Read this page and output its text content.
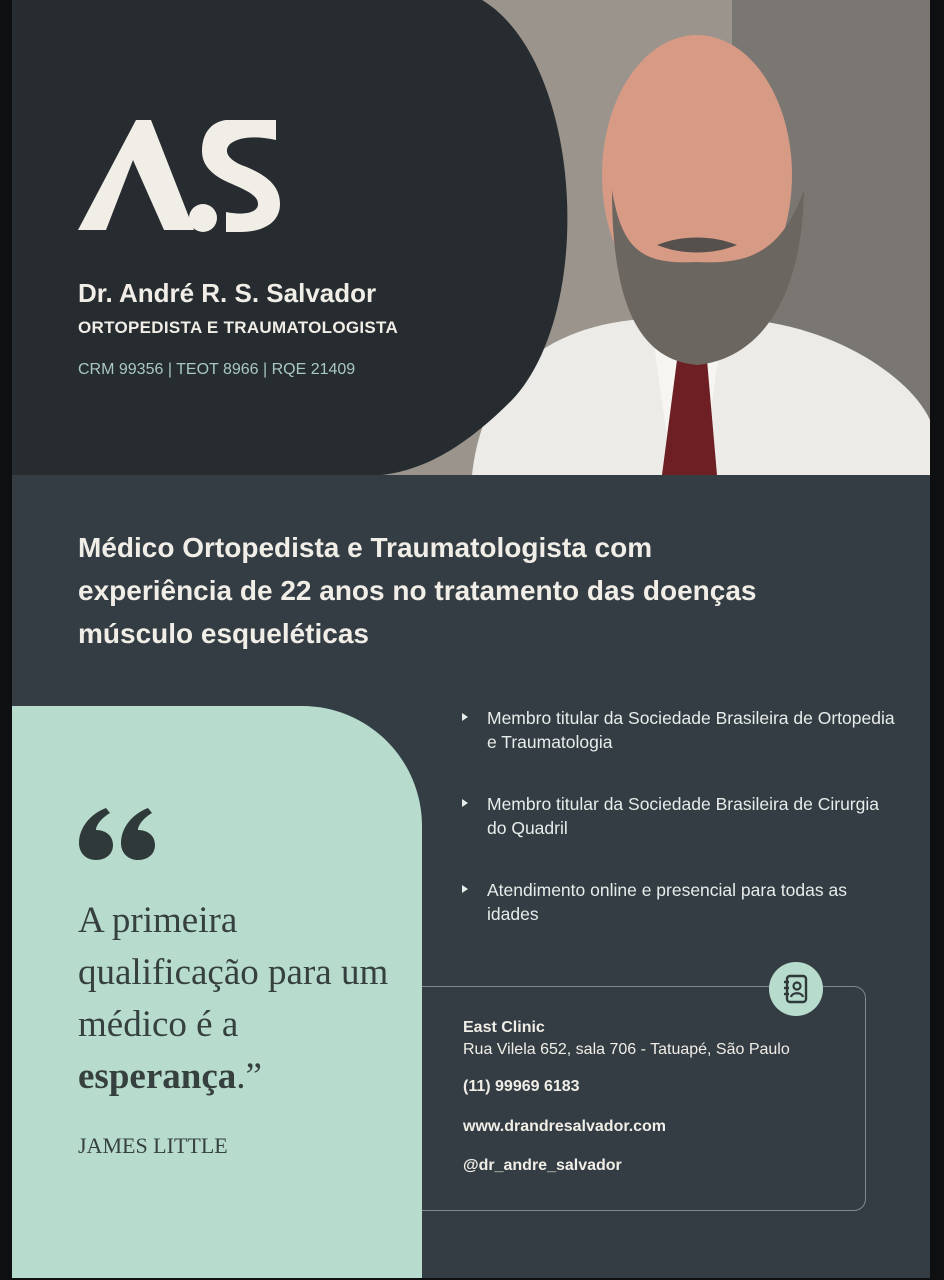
Dr. André R. S. Salvador
ORTOPEDISTA E TRAUMATOLOGISTA
CRM 99356 | TEOT 8966 | RQE 21409
Médico Ortopedista e Traumatologista com experiência de 22 anos no tratamento das doenças músculo esqueléticas
A primeira qualificação para um médico é a esperança.”
JAMES LITTLE
Membro titular da Sociedade Brasileira de Ortopedia e Traumatologia
Membro titular da Sociedade Brasileira de Cirurgia do Quadril
Atendimento online e presencial para todas as idades
East Clinic
Rua Vilela 652, sala 706 - Tatuapé, São Paulo
(11) 99969 6183
www.drandresalvador.com
@dr_andre_salvador
